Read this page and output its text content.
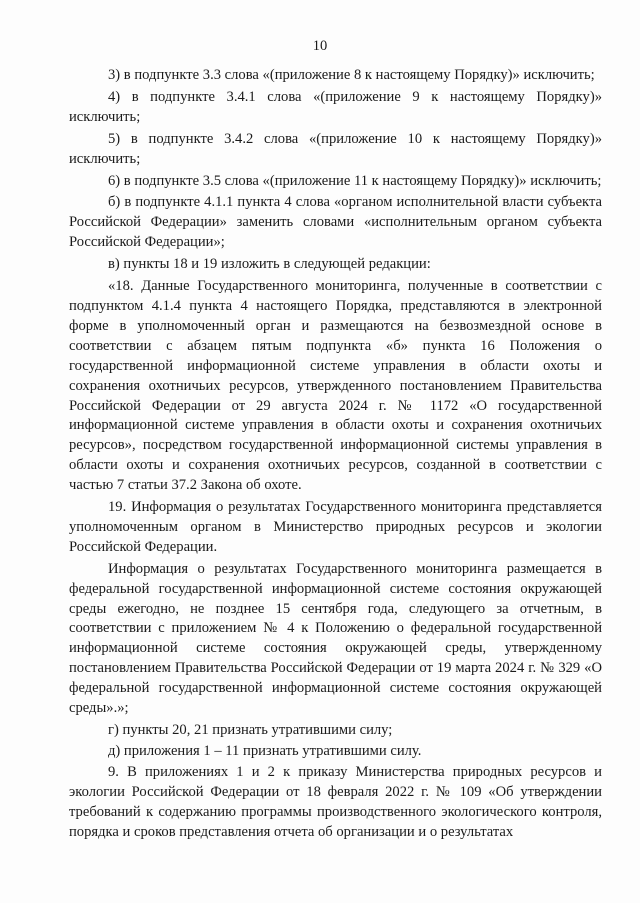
10

3) в подпункте 3.3 слова «(приложение 8 к настоящему Порядку)» исключить;

4) в подпункте 3.4.1 слова «(приложение 9 к настоящему Порядку)» исключить;

5) в подпункте 3.4.2 слова «(приложение 10 к настоящему Порядку)» исключить;

6) в подпункте 3.5 слова «(приложение 11 к настоящему Порядку)» исключить;

б) в подпункте 4.1.1 пункта 4 слова «органом исполнительной власти субъекта Российской Федерации» заменить словами «исполнительным органом субъекта Российской Федерации»;

в) пункты 18 и 19 изложить в следующей редакции:

«18. Данные Государственного мониторинга, полученные в соответствии с подпунктом 4.1.4 пункта 4 настоящего Порядка, представляются в электронной форме в уполномоченный орган и размещаются на безвозмездной основе в соответствии с абзацем пятым подпункта «б» пункта 16 Положения о государственной информационной системе управления в области охоты и сохранения охотничьих ресурсов, утвержденного постановлением Правительства Российской Федерации от 29 августа 2024 г. № 1172 «О государственной информационной системе управления в области охоты и сохранения охотничьих ресурсов», посредством государственной информационной системы управления в области охоты и сохранения охотничьих ресурсов, созданной в соответствии с частью 7 статьи 37.2 Закона об охоте.

19. Информация о результатах Государственного мониторинга представляется уполномоченным органом в Министерство природных ресурсов и экологии Российской Федерации.

Информация о результатах Государственного мониторинга размещается в федеральной государственной информационной системе состояния окружающей среды ежегодно, не позднее 15 сентября года, следующего за отчетным, в соответствии с приложением № 4 к Положению о федеральной государственной информационной системе состояния окружающей среды, утвержденному постановлением Правительства Российской Федерации от 19 марта 2024 г. № 329 «О федеральной государственной информационной системе состояния окружающей среды».»;

г) пункты 20, 21 признать утратившими силу;

д) приложения 1 – 11 признать утратившими силу.

9. В приложениях 1 и 2 к приказу Министерства природных ресурсов и экологии Российской Федерации от 18 февраля 2022 г. № 109 «Об утверждении требований к содержанию программы производственного экологического контроля, порядка и сроков представления отчета об организации и о результатах
